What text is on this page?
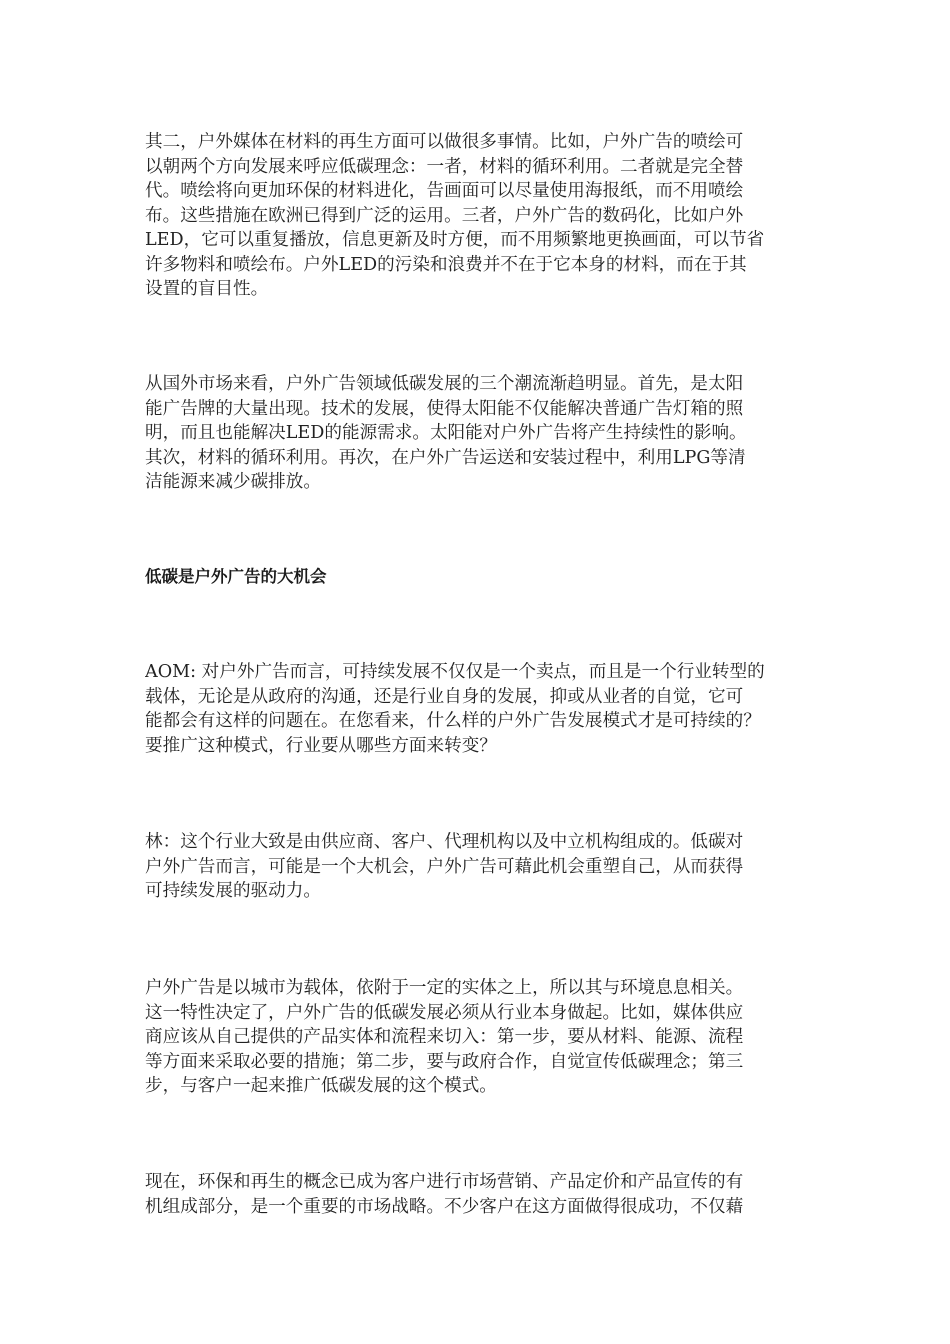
其二，户外媒体在材料的再生方面可以做很多事情。比如，户外广告的喷绘可
以朝两个方向发展来呼应低碳理念：一者，材料的循环利用。二者就是完全替
代。喷绘将向更加环保的材料进化，告画面可以尽量使用海报纸，而不用喷绘
布。这些措施在欧洲已得到广泛的运用。三者，户外广告的数码化，比如户外
LED，它可以重复播放，信息更新及时方便，而不用频繁地更换画面，可以节省
许多物料和喷绘布。户外LED的污染和浪费并不在于它本身的材料，而在于其
设置的盲目性。
从国外市场来看，户外广告领域低碳发展的三个潮流渐趋明显。首先，是太阳
能广告牌的大量出现。技术的发展，使得太阳能不仅能解决普通广告灯箱的照
明，而且也能解决LED的能源需求。太阳能对户外广告将产生持续性的影响。
其次，材料的循环利用。再次，在户外广告运送和安装过程中，利用LPG等清
洁能源来减少碳排放。
低碳是户外广告的大机会
AOM: 对户外广告而言，可持续发展不仅仅是一个卖点，而且是一个行业转型的
载体，无论是从政府的沟通，还是行业自身的发展，抑或从业者的自觉，它可
能都会有这样的问题在。在您看来，什么样的户外广告发展模式才是可持续的？
要推广这种模式，行业要从哪些方面来转变？
林：这个行业大致是由供应商、客户、代理机构以及中立机构组成的。低碳对
户外广告而言，可能是一个大机会，户外广告可藉此机会重塑自己，从而获得
可持续发展的驱动力。
户外广告是以城市为载体，依附于一定的实体之上，所以其与环境息息相关。
这一特性决定了，户外广告的低碳发展必须从行业本身做起。比如，媒体供应
商应该从自己提供的产品实体和流程来切入：第一步，要从材料、能源、流程
等方面来采取必要的措施；第二步，要与政府合作，自觉宣传低碳理念；第三
步，与客户一起来推广低碳发展的这个模式。
现在，环保和再生的概念已成为客户进行市场营销、产品定价和产品宣传的有
机组成部分，是一个重要的市场战略。不少客户在这方面做得很成功，不仅藉
